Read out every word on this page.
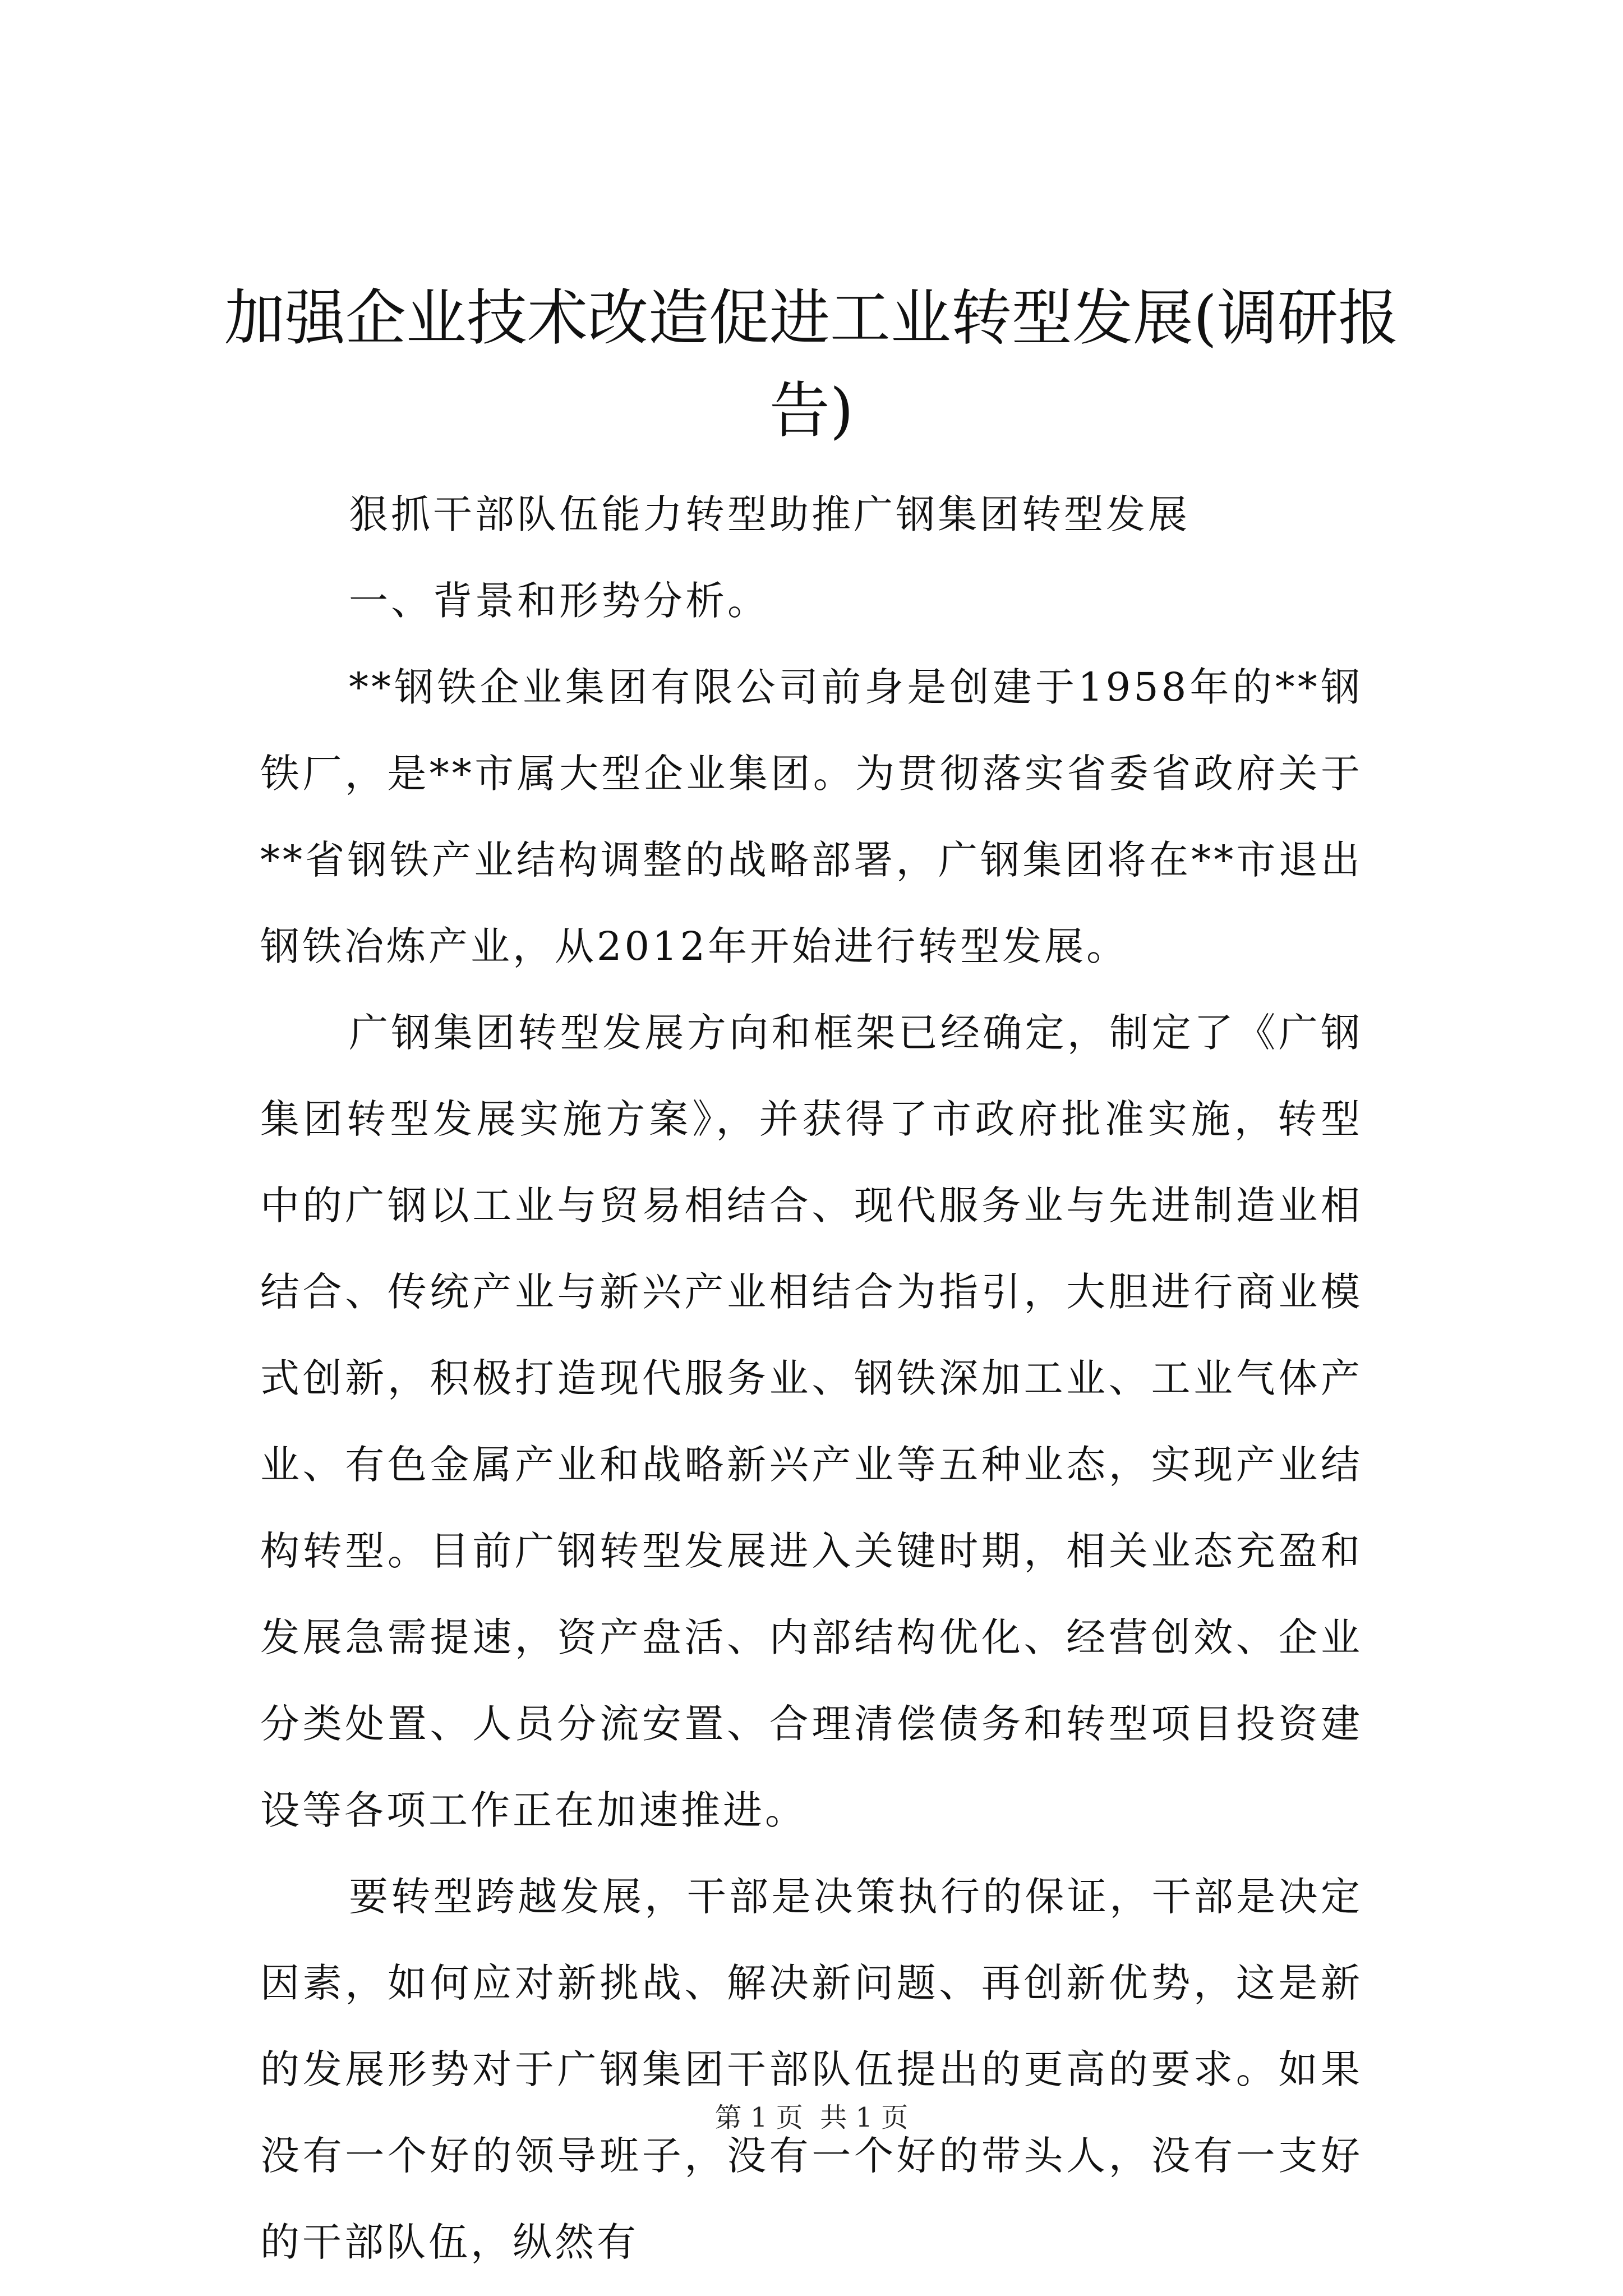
加强企业技术改造促进工业转型发展(调研报告)

狠抓干部队伍能力转型助推广钢集团转型发展

一、背景和形势分析。

**钢铁企业集团有限公司前身是创建于1958年的**钢铁厂，是**市属大型企业集团。为贯彻落实省委省政府关于**省钢铁产业结构调整的战略部署，广钢集团将在**市退出钢铁冶炼产业，从2012年开始进行转型发展。

广钢集团转型发展方向和框架已经确定，制定了《广钢集团转型发展实施方案》，并获得了市政府批准实施，转型中的广钢以工业与贸易相结合、现代服务业与先进制造业相结合、传统产业与新兴产业相结合为指引，大胆进行商业模式创新，积极打造现代服务业、钢铁深加工业、工业气体产业、有色金属产业和战略新兴产业等五种业态，实现产业结构转型。目前广钢转型发展进入关键时期，相关业态充盈和发展急需提速，资产盘活、内部结构优化、经营创效、企业分类处置、人员分流安置、合理清偿债务和转型项目投资建设等各项工作正在加速推进。

要转型跨越发展，干部是决策执行的保证，干部是决定因素，如何应对新挑战、解决新问题、再创新优势，这是新的发展形势对于广钢集团干部队伍提出的更高的要求。如果没有一个好的领导班子，没有一个好的带头人，没有一支好的干部队伍，纵然有

第 1 页  共 1 页
